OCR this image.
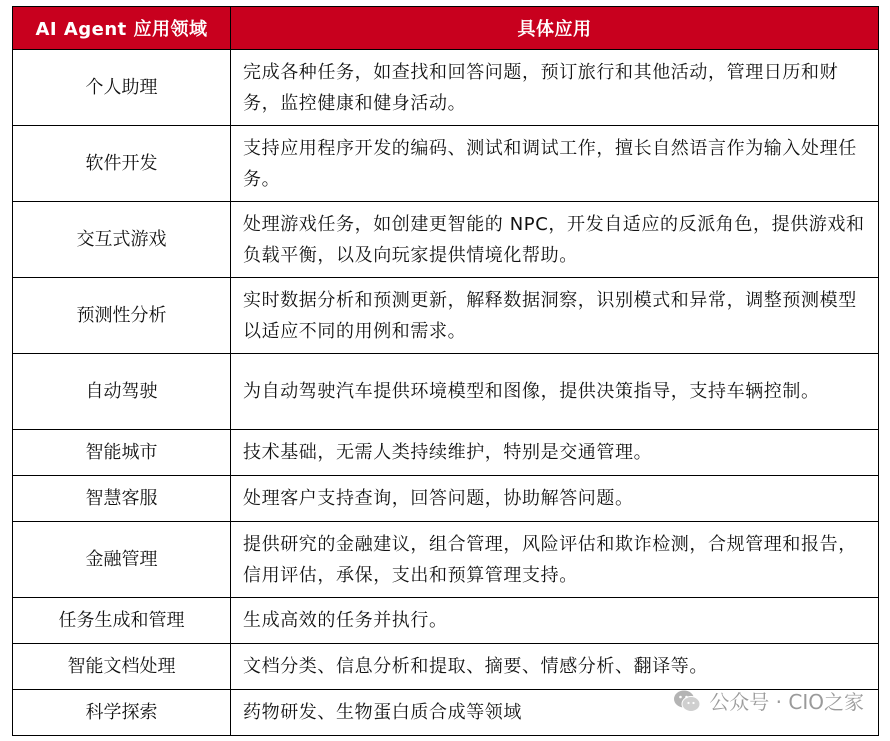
AI Agent 应用领域	具体应用
个人助理	完成各种任务，如查找和回答问题，预订旅行和其他活动，管理日历和财务，监控健康和健身活动。
软件开发	支持应用程序开发的编码、测试和调试工作，擅长自然语言作为输入处理任务。
交互式游戏	处理游戏任务，如创建更智能的 NPC，开发自适应的反派角色，提供游戏和负载平衡，以及向玩家提供情境化帮助。
预测性分析	实时数据分析和预测更新，解释数据洞察，识别模式和异常，调整预测模型以适应不同的用例和需求。
自动驾驶	为自动驾驶汽车提供环境模型和图像，提供决策指导，支持车辆控制。
智能城市	技术基础，无需人类持续维护，特别是交通管理。
智慧客服	处理客户支持查询，回答问题，协助解答问题。
金融管理	提供研究的金融建议，组合管理，风险评估和欺诈检测，合规管理和报告，信用评估，承保，支出和预算管理支持。
任务生成和管理	生成高效的任务并执行。
智能文档处理	文档分类、信息分析和提取、摘要、情感分析、翻译等。
科学探索	药物研发、生物蛋白质合成等领域	公众号 · CIO之家
